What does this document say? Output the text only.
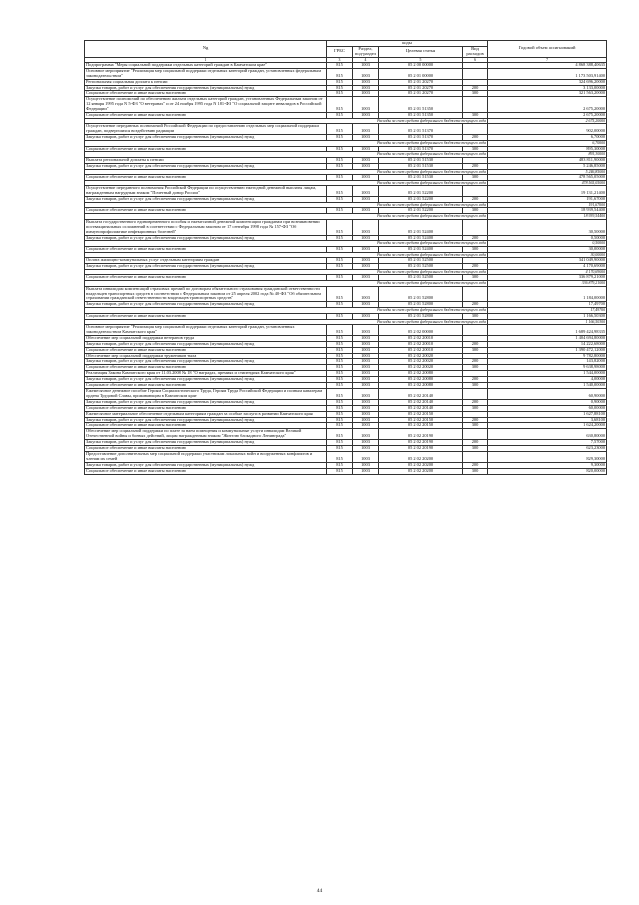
Ng	коды				Годовой объем ассигнований
	ГРБС	Раздел, под-раздел	Целевая статья	Вид расходов	
1	3	4	5	6	7
Подпрограмма "Меры социальной поддержки отдельных категорий граждан в Камчатском крае"	815	1003	05 2 00 00000		4 868 388,40635
Основное мероприятие "Реализация мер социальной поддержки отдельных категорий граждан, установленных федеральным законодательством"	815	1003	05 2 01 00000		1 173 503,91400
Региональная социальная доплата к пенсии	815	1003	05 2 01 20270		324 696,20000
Закупка товаров, работ и услуг для обеспечения государственных (муниципальных) нужд	815	1003	05 2 01 20270	200	3 133,00000
Социальное обеспечение и иные выплаты населению	815	1003	05 2 01 20270	300	321 563,20000
Осуществление полномочий по обеспечению жильем отдельных категорий граждан, установленных Федеральным законом от 12 января 1995 года N 5-ФЗ "О ветеранах" и от 24 ноября 1995 года N 181-ФЗ "О социальной защите инвалидов в Российской Федерации"	815	1003	05 2 01 51350		2 675,20000
Социальное обеспечение и иные выплаты населению	815	1003	05 2 01 51350	300	2 675,20000
Расходы за счет средств федерального бюджета текущего года					2 675,20000
Осуществление переданных полномочий Российской Федерации по предоставлению отдельных мер социальной поддержки граждан, подвергшихся воздействию радиации	815	1003	05 2 01 51370		902,00000
Закупка товаров, работ и услуг для обеспечения государственных (муниципальных) нужд	815	1003	05 2 01 51370	200	6,70000
Расходы за счет средств федерального бюджета текущего года					6,70000
Социальное обеспечение и иные выплаты населению	815	1003	05 2 01 51370	300	895,30000
Расходы за счет средств федерального бюджета текущего года					895,30000
Выплата региональной доплаты к пенсии	815	1003	05 2 01 51530		483 811,90000
Закупка товаров, работ и услуг для обеспечения государственных (муниципальных) нужд	815	1003	05 2 01 51530	200	5 246,85000
Расходы за счет средств федерального бюджета текущего года					5 246,85000
Социальное обеспечение и иные выплаты населению	815	1003	05 2 01 51530	300	478 565,05000
Расходы за счет средств федерального бюджета текущего года					478 565,05000
Осуществление переданного полномочия Российской Федерации по осуществлению ежегодной денежной выплаты лицам, награжденным нагрудным знаком "Почетный донор России"	815	1003	05 2 01 52200		19 131,21400
Закупка товаров, работ и услуг для обеспечения государственных (муниципальных) нужд	815	1003	05 2 01 52200	200	191,67000
Расходы за счет средств федерального бюджета текущего года					191,67000
Социальное обеспечение и иные выплаты населению	815	1003	05 2 01 52200	300	18 939,54400
Расходы за счет средств федерального бюджета текущего года					18 939,54400
Выплата государственного единовременного пособия и ежемесячной денежной компенсации гражданам при возникновении поствакцинальных осложнений в соответствии с Федеральным законом от 17 сентября 1998 года № 157-ФЗ "Об иммунопрофилактике инфекционных болезней"	815	1003	05 2 01 52400		30,50000
Закупка товаров, работ и услуг для обеспечения государственных (муниципальных) нужд	815	1003	05 2 01 52400	200	0,50000
Расходы за счет средств федерального бюджета текущего года					0,50000
Социальное обеспечение и иные выплаты населению	815	1003	05 2 01 52400	300	30,00000
Расходы за счет средств федерального бюджета текущего года					30,00000
Оплата жилищно-коммунальных услуг отдельным категориям граждан	815	1003	05 2 01 52500		341 049,90000
Закупка товаров, работ и услуг для обеспечения государственных (муниципальных) нужд	815	1003	05 2 01 52500	200	4 170,69000
Расходы за счет средств федерального бюджета текущего года					4 170,69000
Социальное обеспечение и иные выплаты населению	815	1003	05 2 01 52500	300	336 879,21000
Расходы за счет средств федерального бюджета текущего года					336 879,21000
Выплата инвалидам компенсаций страховых премий по договорам обязательного страхования гражданской ответственности владельцев транспортных средств в соответствии с Федеральным законом от 25 апреля 2002 года № 40-ФЗ "Об обязательном страховании гражданской ответственности владельцев транспортных средств"	815	1003	05 2 01 52800		1 184,00000
Закупка товаров, работ и услуг для обеспечения государственных (муниципальных) нужд	815	1003	05 2 01 52800	200	17,49700
Расходы за счет средств федерального бюджета текущего года					17,49700
Социальное обеспечение и иные выплаты населению	815	1003	05 2 01 52800	300	1 166,50300
Расходы за счет средств федерального бюджета текущего года					1 166,50300
Основное мероприятие "Реализация мер социальной поддержки отдельных категорий граждан, установленных законодательством Камчатского края"	815	1003	05 2 02 00000		1 689 424,98335
Обеспечение мер социальной поддержки ветеранов труда	815	1003	05 2 02 20010		1 404 694,80000
Закупка товаров, работ и услуг для обеспечения государственных (муниципальных) нужд	815	1003	05 2 02 20010	200	14 222,68000
Социальное обеспечение и иные выплаты населению	815	1003	05 2 02 20010	300	1 390 472,12000
Обеспечение мер социальной поддержки тружеников тыла	815	1003	05 2 02 20020		9 782,80000
Закупка товаров, работ и услуг для обеспечения государственных (муниципальных) нужд	815	1003	05 2 02 20020	200	143,82000
Социальное обеспечение и иные выплаты населению	815	1003	05 2 02 20020	300	9 638,98000
Реализация Закона Камчатского края от 11.03.2008 № 18 "О наградах, премиях и стипендиях Камчатского края"	815	1003	05 2 02 20080		1 544,00000
Закупка товаров, работ и услуг для обеспечения государственных (муниципальных) нужд	815	1003	05 2 02 20080	200	4,00000
Социальное обеспечение и иные выплаты населению	815	1003	05 2 02 20080	300	1 540,00000
Ежемесячное денежное пособие Героям Социалистического Труда, Героям Труда Российской Федерации и полным кавалерам ордена Трудовой Славы, проживающим в Камчатском крае	815	1003	05 2 02 20140		60,90000
Закупка товаров, работ и услуг для обеспечения государственных (муниципальных) нужд	815	1003	05 2 02 20140	200	0,90000
Социальное обеспечение и иные выплаты населению	815	1003	05 2 02 20140	300	60,00000
Ежемесячное материальное обеспечение отдельным категориям граждан за особые заслуги в развитии Камчатского края	815	1003	05 2 02 20150		1 627,88100
Закупка товаров, работ и услуг для обеспечения государственных (муниципальных) нужд	815	1003	05 2 02 20150	200	3,68100
Социальное обеспечение и иные выплаты населению	815	1003	05 2 02 20150	300	1 624,20000
Обеспечение мер социальной поддержки по плате за наем помещения и коммунальные услуги инвалидам Великой Отечественной войны и боевых действий, лицам награжденным знаком "Жителю блокадного Ленинграда"	815	1003	05 2 02 20190		630,80000
Закупка товаров, работ и услуг для обеспечения государственных (муниципальных) нужд	815	1003	05 2 02 20190	200	7,57000
Социальное обеспечение и иные выплаты населению	815	1003	05 2 02 20190	300	623,23000
Предоставление дополнительных мер социальной поддержки участникам локальных войн и вооруженных конфликтов и членам их семей	815	1003	05 2 02 20200		829,30000
Закупка товаров, работ и услуг для обеспечения государственных (муниципальных) нужд	815	1003	05 2 02 20200	200	9,30000
Социальное обеспечение и иные выплаты населению	815	1003	05 2 02 20200	300	820,00000
44
